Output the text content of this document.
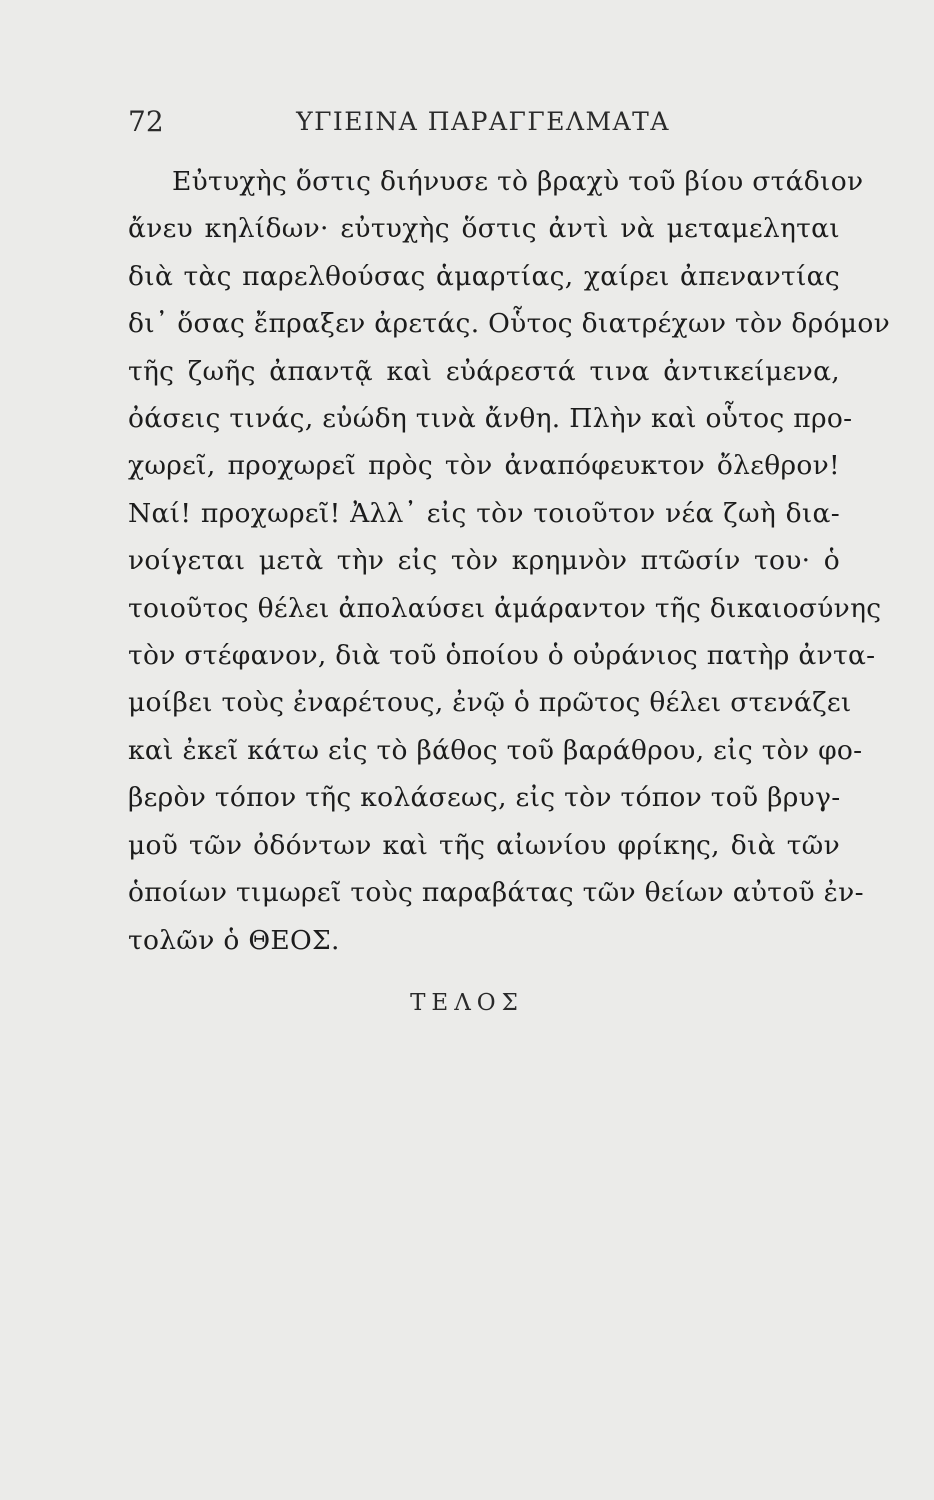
72	ΥΓΙΕΙΝΑ ΠΑΡΑΓΓΕΛΜΑΤΑ
Εὐτυχὴς ὅστις διήνυσε τὸ βραχὺ τοῦ βίου στάδιον
ἄνευ κηλίδων· εὐτυχὴς ὅστις ἀντὶ νὰ μεταμεληται
διὰ τὰς παρελθούσας ἁμαρτίας, χαίρει ἀπεναντίας
δι᾽ ὅσας ἔπραξεν ἀρετάς. Οὗτος διατρέχων τὸν δρόμον
τῆς ζωῆς ἀπαντᾷ καὶ εὐάρεστά τινα ἀντικείμενα,
ὀάσεις τινάς, εὐώδη τινὰ ἄνθη. Πλὴν καὶ οὗτος προ-
χωρεῖ, προχωρεῖ πρὸς τὸν ἀναπόφευκτον ὄλεθρον!
Ναί! προχωρεῖ! Ἀλλ᾽ εἰς τὸν τοιοῦτον νέα ζωὴ δια-
νοίγεται μετὰ τὴν εἰς τὸν κρημνὸν πτῶσίν του· ὁ
τοιοῦτος θέλει ἀπολαύσει ἀμάραντον τῆς δικαιοσύνης
τὸν στέφανον, διὰ τοῦ ὁποίου ὁ οὐράνιος πατὴρ ἀντα-
μοίβει τοὺς ἐναρέτους, ἐνῷ ὁ πρῶτος θέλει στενάζει
καὶ ἐκεῖ κάτω εἰς τὸ βάθος τοῦ βαράθρου, εἰς τὸν φο-
βερὸν τόπον τῆς κολάσεως, εἰς τὸν τόπον τοῦ βρυγ-
μοῦ τῶν ὀδόντων καὶ τῆς αἰωνίου φρίκης, διὰ τῶν
ὁποίων τιμωρεῖ τοὺς παραβάτας τῶν θείων αὐτοῦ ἐν-
τολῶν ὁ ΘΕΟΣ.
ΤΕΛΟΣ
